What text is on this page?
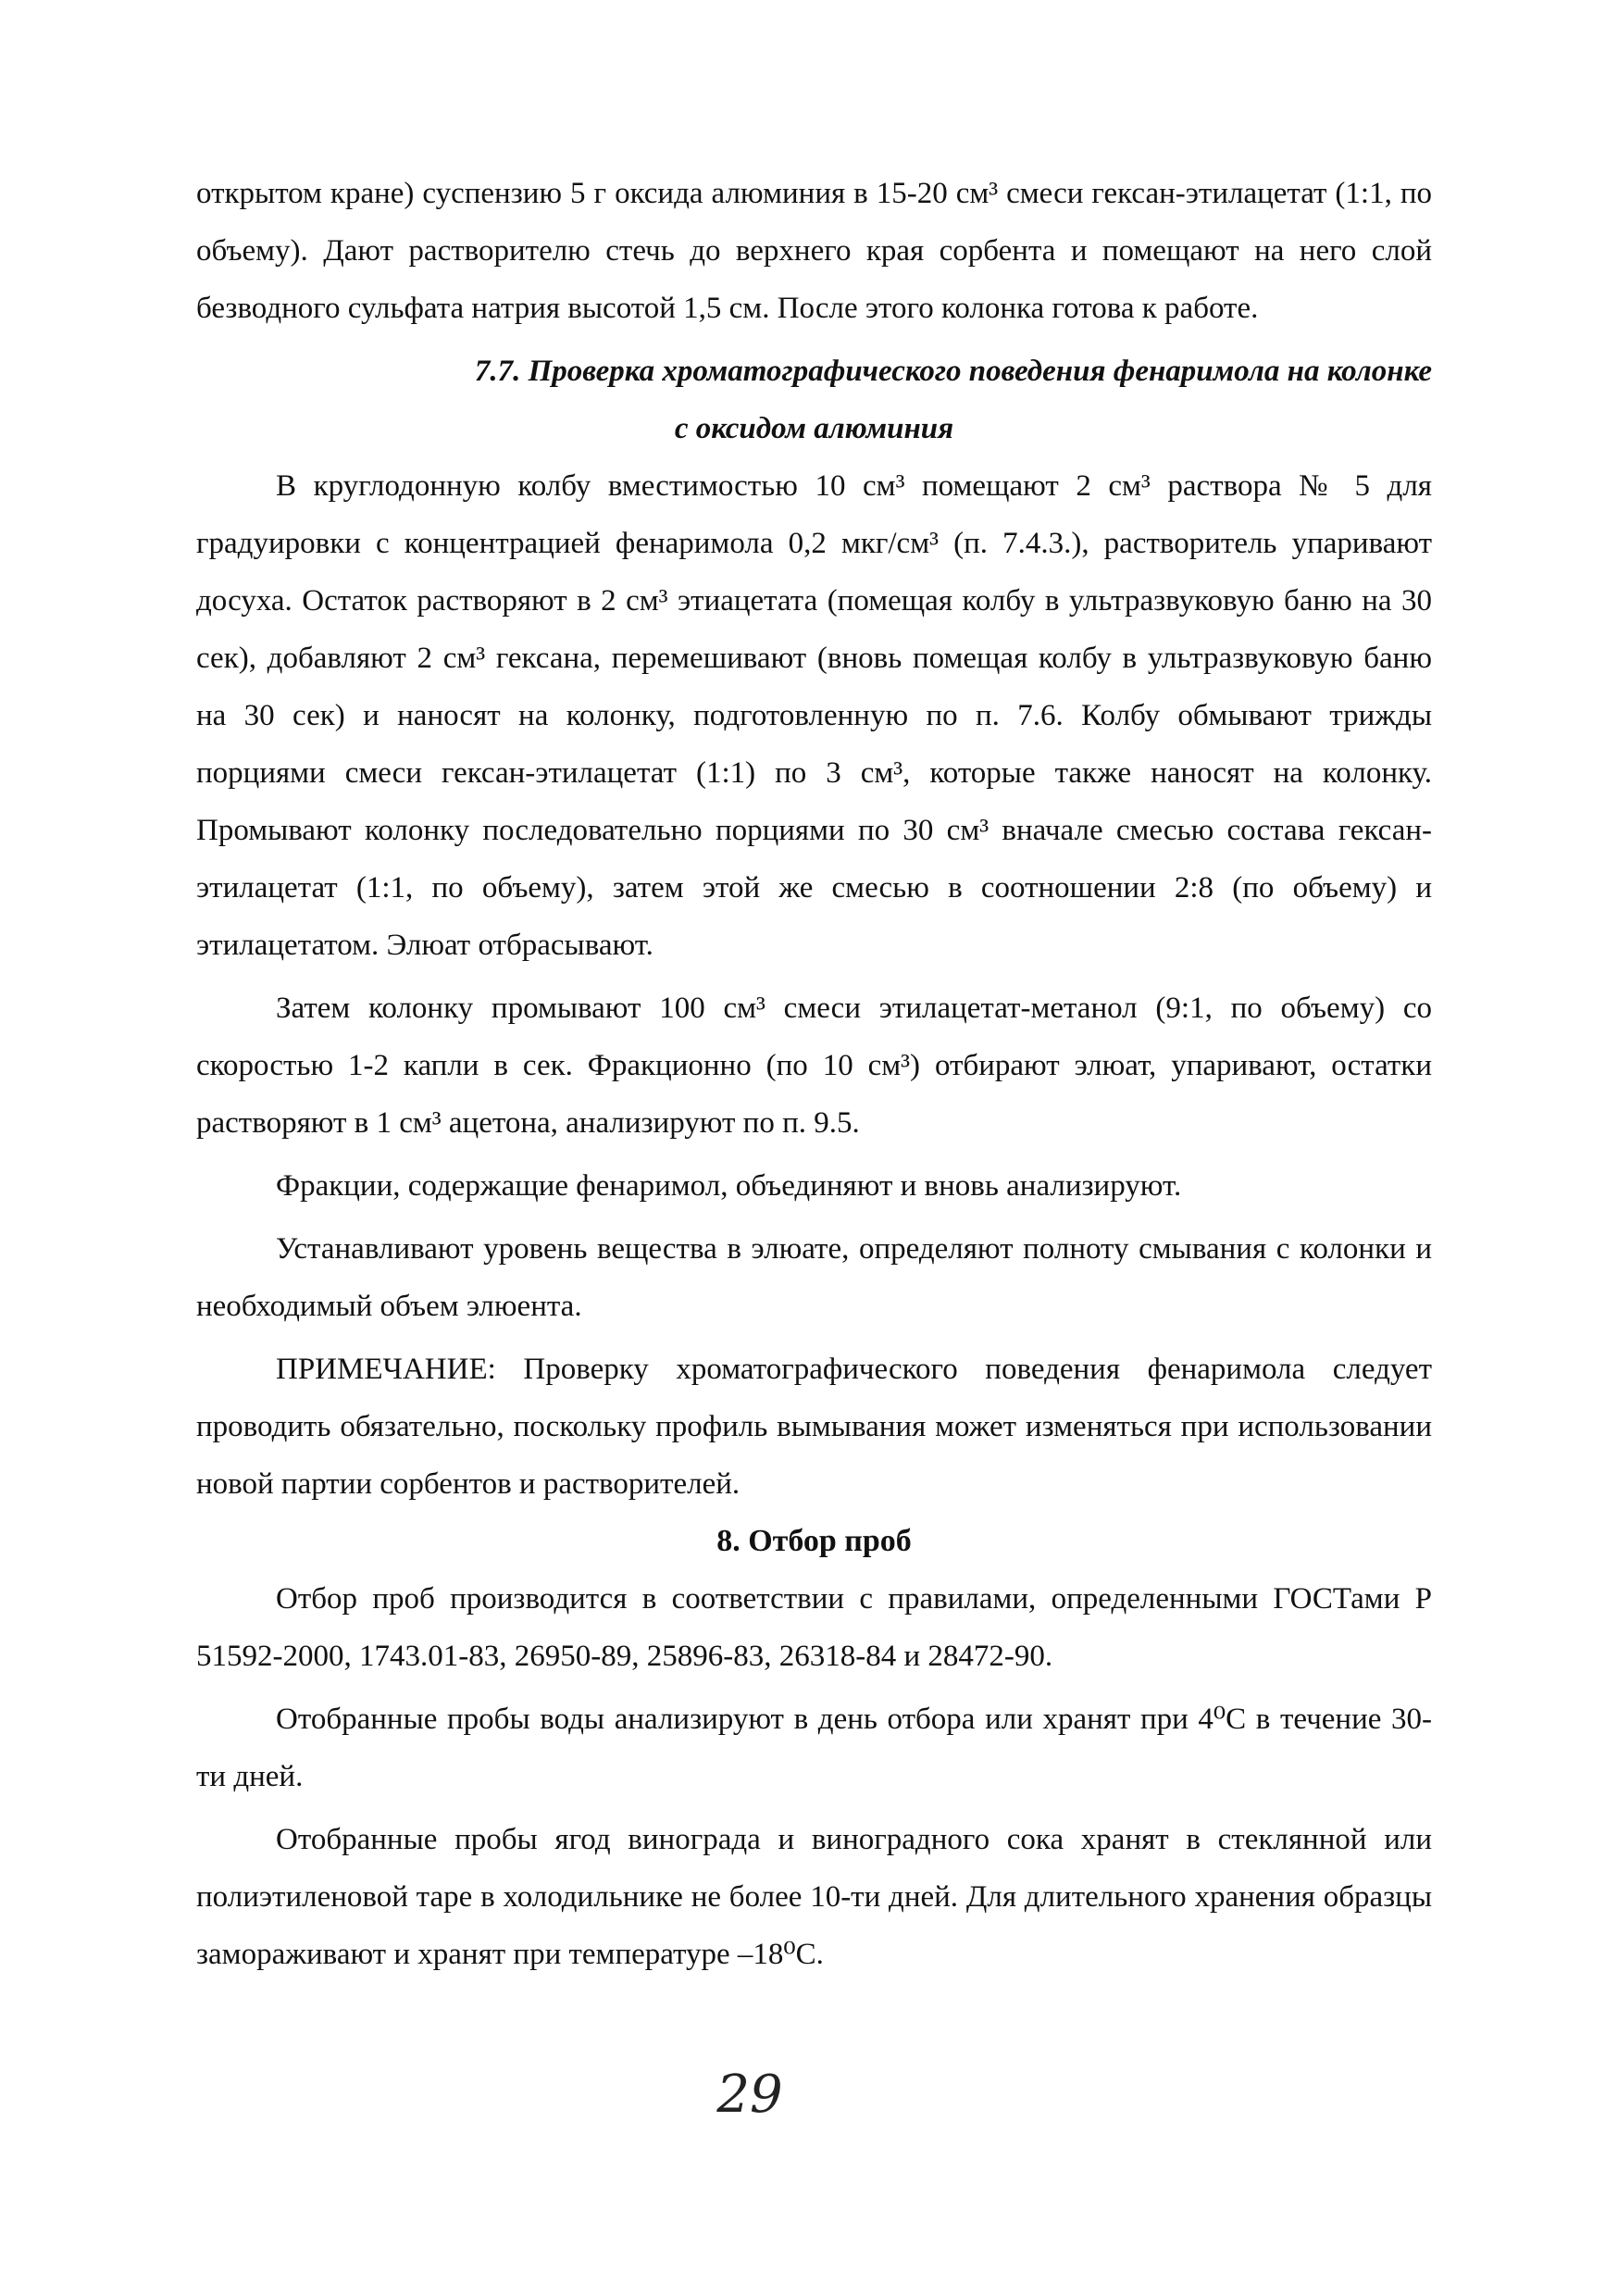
открытом кране) суспензию 5 г оксида алюминия в 15-20 см³ смеси гексан-этилацетат (1:1, по объему). Дают растворителю стечь до верхнего края сорбента и помещают на него слой безводного сульфата натрия высотой 1,5 см. После этого колонка готова к работе.

7.7. Проверка хроматографического поведения фенаримола на колонке

с оксидом алюминия

В круглодонную колбу вместимостью 10 см³ помещают 2 см³ раствора № 5 для градуировки с концентрацией фенаримола 0,2 мкг/см³ (п. 7.4.3.), растворитель упаривают досуха. Остаток растворяют в 2 см³ этиацетата (помещая колбу в ультразвуковую баню на 30 сек), добавляют 2 см³ гексана, перемешивают (вновь помещая колбу в ультразвуковую баню на 30 сек) и наносят на колонку, подготовленную по п. 7.6. Колбу обмывают трижды порциями смеси гексан-этилацетат (1:1) по 3 см³, которые также наносят на колонку. Промывают колонку последовательно порциями по 30 см³ вначале смесью состава гексан-этилацетат (1:1, по объему), затем этой же смесью в соотношении 2:8 (по объему) и этилацетатом. Элюат отбрасывают.

Затем колонку промывают 100 см³ смеси этилацетат-метанол (9:1, по объему) со скоростью 1-2 капли в сек. Фракционно (по 10 см³) отбирают элюат, упаривают, остатки растворяют в 1 см³ ацетона, анализируют по п. 9.5.

Фракции, содержащие фенаримол, объединяют и вновь анализируют.

Устанавливают уровень вещества в элюате, определяют полноту смывания с колонки и необходимый объем элюента.

ПРИМЕЧАНИЕ: Проверку хроматографического поведения фенаримола следует проводить обязательно, поскольку профиль вымывания может изменяться при использовании новой партии сорбентов и растворителей.

8. Отбор проб

Отбор проб производится в соответствии с правилами, определенными ГОСТами Р 51592-2000, 1743.01-83, 26950-89, 25896-83, 26318-84 и 28472-90.

Отобранные пробы воды анализируют в день отбора или хранят при 4⁰С в течение 30-ти дней.

Отобранные пробы ягод винограда и виноградного сока хранят в стеклянной или полиэтиленовой таре в холодильнике не более 10-ти дней. Для длительного хранения образцы замораживают и хранят при температуре –18⁰С.

29
